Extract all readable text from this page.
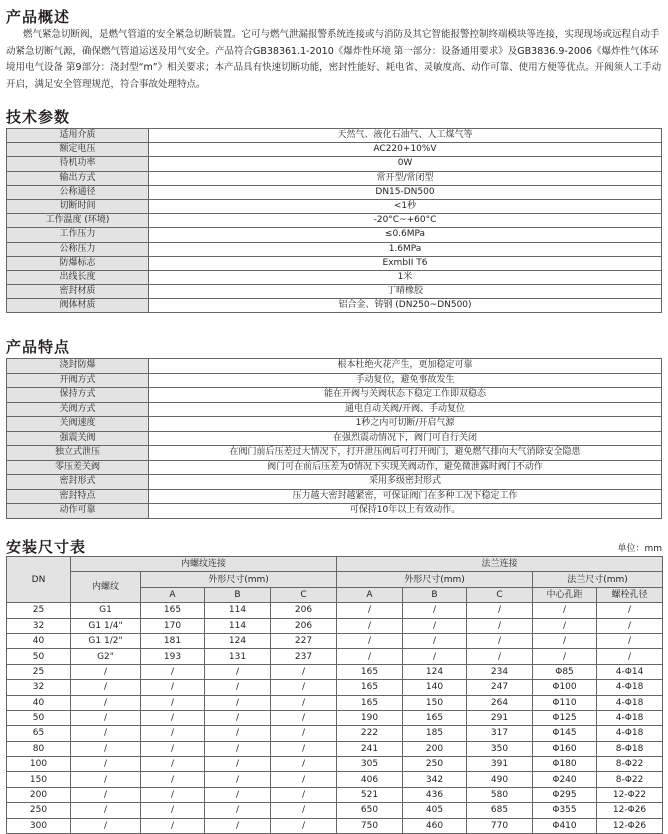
产品概述

燃气紧急切断阀，是燃气管道的安全紧急切断装置。它可与燃气泄漏报警系统连接或与消防及其它智能报警控制终端模块等连接，实现现场或远程自动手动紧急切断气源，确保燃气管道运送及用气安全。产品符合GB38361.1-2010《爆炸性环境 第一部分：设备通用要求》及GB3836.9-2006《爆炸性气体环境用电气设备 第9部分：浇封型“m”》相关要求；本产品具有快速切断功能，密封性能好、耗电省、灵敏度高、动作可靠、使用方便等优点。开阀须人工手动开启，满足安全管理规范，符合事故处理特点。

技术参数
适用介质	天然气、液化石油气、人工煤气等
额定电压	AC220+10%V
待机功率	0W
输出方式	常开型/常闭型
公称通径	DN15-DN500
切断时间	<1秒
工作温度 (环境)	-20°C~+60°C
工作压力	≤0.6MPa
公称压力	1.6MPa
防爆标志	ExmbII T6
出线长度	1米
密封材质	丁晴橡胶
阀体材质	铝合金、铸钢 (DN250~DN500)
产品特点
浇封防爆	根本杜绝火花产生，更加稳定可靠
开阀方式	手动复位，避免事故发生
保持方式	能在开阀与关阀状态下稳定工作即双稳态
关阀方式	通电自动关阀/开阀、手动复位
关阀速度	1秒之内可切断/开启气源
强震关阀	在强烈震动情况下，阀门可自行关闭
独立式泄压	在阀门前后压差过大情况下，打开泄压阀后可打开阀门，避免燃气排向大气消除安全隐患
零压差关阀	阀门可在前后压差为0情况下实现关阀动作，避免微泄露时阀门不动作
密封形式	采用多级密封形式
密封特点	压力越大密封越紧密，可保证阀门在多种工况下稳定工作
动作可靠	可保持10年以上有效动作。
安装尺寸表	单位：mm
DN	内螺纹连接				法兰连接				
	内螺纹	外形尺寸(mm)			外形尺寸(mm)			法兰尺寸(mm)	
		A	B	C	A	B	C	中心孔距	螺栓孔径
25	G1	165	114	206	/	/	/	/	/
32	G1 1/4"	170	114	206	/	/	/	/	/
40	G1 1/2"	181	124	227	/	/	/	/	/
50	G2"	193	131	237	/	/	/	/	/
25	/	/	/	/	165	124	234	Φ85	4-Φ14
32	/	/	/	/	165	140	247	Φ100	4-Φ18
40	/	/	/	/	165	150	264	Φ110	4-Φ18
50	/	/	/	/	190	165	291	Φ125	4-Φ18
65	/	/	/	/	222	185	317	Φ145	4-Φ18
80	/	/	/	/	241	200	350	Φ160	8-Φ18
100	/	/	/	/	305	250	391	Φ180	8-Φ22
150	/	/	/	/	406	342	490	Φ240	8-Φ22
200	/	/	/	/	521	436	580	Φ295	12-Φ22
250	/	/	/	/	650	405	685	Φ355	12-Φ26
300	/	/	/	/	750	460	770	Φ410	12-Φ26
